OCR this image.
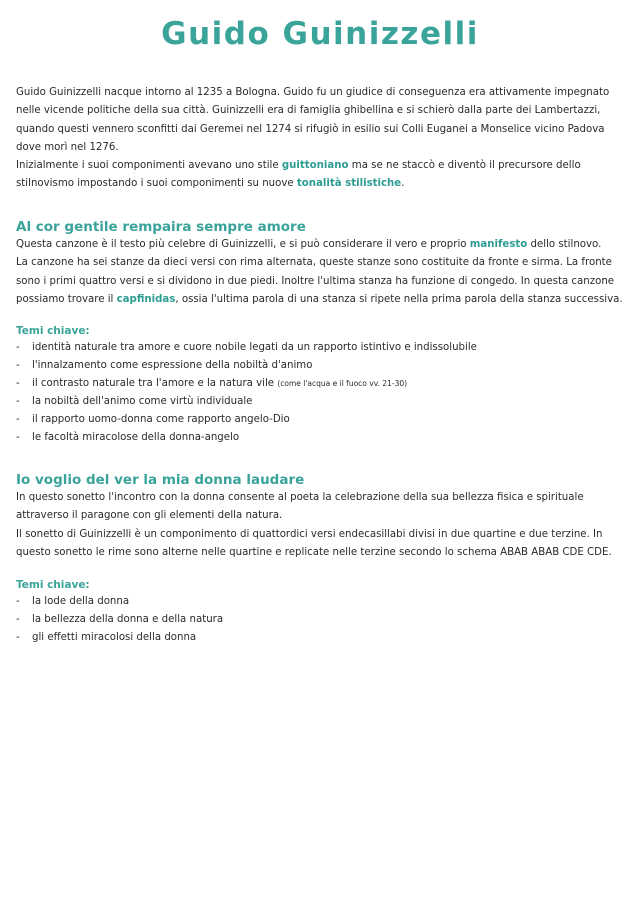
Guido Guinizzelli

Guido Guinizzelli nacque intorno al 1235 a Bologna. Guido fu un giudice di conseguenza era attivamente impegnato nelle vicende politiche della sua città. Guinizzelli era di famiglia ghibellina e si schierò dalla parte dei Lambertazzi, quando questi vennero sconfitti dai Geremei nel 1274 si rifugiò in esilio sui Colli Euganei a Monselice vicino Padova dove morì nel 1276.

Inizialmente i suoi componimenti avevano uno stile guittoniano ma se ne staccò e diventò il precursore dello stilnovismo impostando i suoi componimenti su nuove tonalità stilistiche.

Al cor gentile rempaira sempre amore

Questa canzone è il testo più celebre di Guinizzelli, e si può considerare il vero e proprio manifesto dello stilnovo.

La canzone ha sei stanze da dieci versi con rima alternata, queste stanze sono costituite da fronte e sirma. La fronte sono i primi quattro versi e si dividono in due piedi. Inoltre l'ultima stanza ha funzione di congedo. In questa canzone possiamo trovare il capfinidas, ossia l'ultima parola di una stanza si ripete nella prima parola della stanza successiva.

Temi chiave:
- identità naturale tra amore e cuore nobile legati da un rapporto istintivo e indissolubile
- l'innalzamento come espressione della nobiltà d'animo
- il contrasto naturale tra l'amore e la natura vile (come l'acqua e il fuoco vv. 21-30)
- la nobiltà dell'animo come virtù individuale
- il rapporto uomo-donna come rapporto angelo-Dio
- le facoltà miracolose della donna-angelo
Io voglio del ver la mia donna laudare

In questo sonetto l'incontro con la donna consente al poeta la celebrazione della sua bellezza fisica e spirituale attraverso il paragone con gli elementi della natura.

Il sonetto di Guinizzelli è un componimento di quattordici versi endecasillabi divisi in due quartine e due terzine. In questo sonetto le rime sono alterne nelle quartine e replicate nelle terzine secondo lo schema ABAB ABAB CDE CDE.

Temi chiave:
- la lode della donna
- la bellezza della donna e della natura
- gli effetti miracolosi della donna
